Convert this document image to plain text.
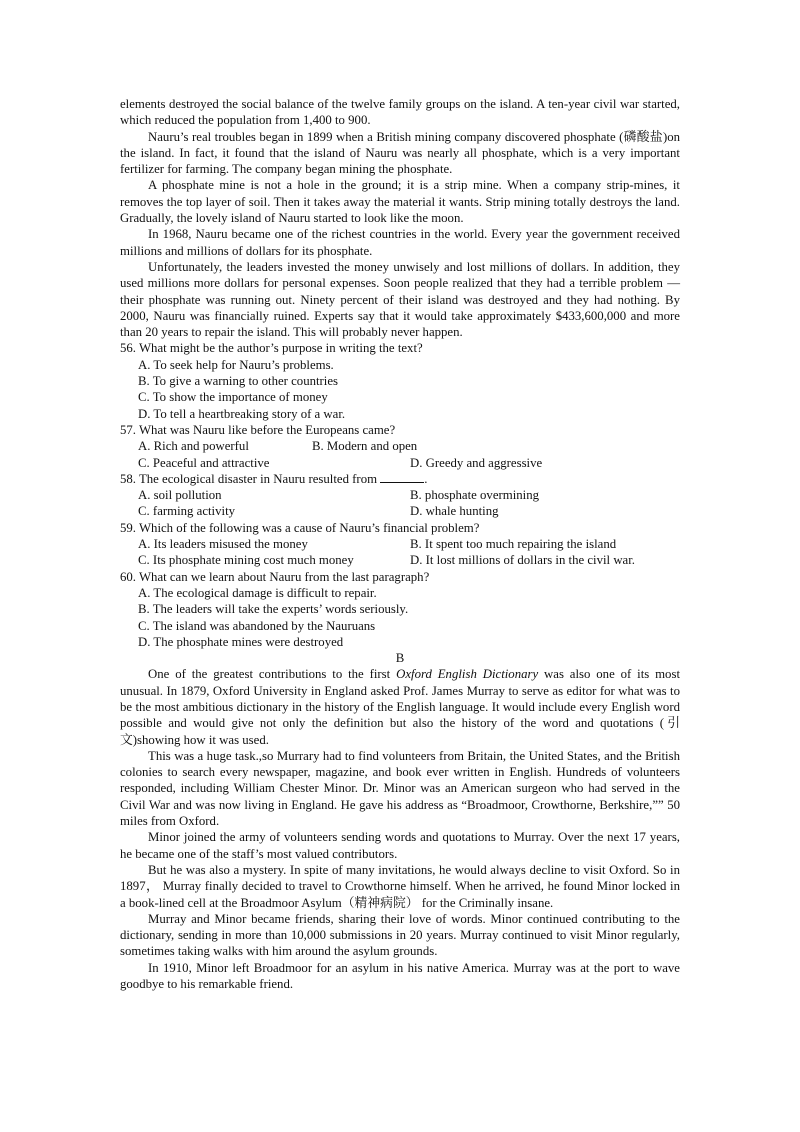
elements destroyed the social balance of the twelve family groups on the island. A ten-year civil war started, which reduced the population from 1,400 to 900.

Nauru’s real troubles began in 1899 when a British mining company discovered phosphate (磷酸盐)on the island. In fact, it found that the island of Nauru was nearly all phosphate, which is a very important fertilizer for farming. The company began mining the phosphate.

A phosphate mine is not a hole in the ground; it is a strip mine. When a company strip-mines, it removes the top layer of soil. Then it takes away the material it wants. Strip mining totally destroys the land. Gradually, the lovely island of Nauru started to look like the moon.

In 1968, Nauru became one of the richest countries in the world. Every year the government received millions and millions of dollars for its phosphate.

Unfortunately, the leaders invested the money unwisely and lost millions of dollars. In addition, they used millions more dollars for personal expenses. Soon people realized that they had a terrible problem — their phosphate was running out. Ninety percent of their island was destroyed and they had nothing. By 2000, Nauru was financially ruined. Experts say that it would take approximately $433,600,000 and more than 20 years to repair the island. This will probably never happen.

56. What might be the author’s purpose in writing the text?

A. To seek help for Nauru’s problems.

B. To give a warning to other countries

C. To show the importance of money

D. To tell a heartbreaking story of a war.

57. What was Nauru like before the Europeans came?

A. Rich and powerful	B. Modern and open
C. Peaceful and attractive	D. Greedy and aggressive

58. The ecological disaster in Nauru resulted from	.

A. soil pollution	B. phosphate overmining
C. farming activity	D. whale hunting

59. Which of the following was a cause of Nauru’s financial problem?

A. Its leaders misused the money	B. It spent too much repairing the island
C. Its phosphate mining cost much money	D. It lost millions of dollars in the civil war.

60. What can we learn about Nauru from the last paragraph?

A. The ecological damage is difficult to repair.

B. The leaders will take the experts’ words seriously.

C. The island was abandoned by the Nauruans

D. The phosphate mines were destroyed

B

One of the greatest contributions to the first Oxford English Dictionary was also one of its most unusual. In 1879, Oxford University in England asked Prof. James Murray to serve as editor for what was to be the most ambitious dictionary in the history of the English language. It would include every English word possible and would give not only the definition but also the history of the word and quotations (引文)showing how it was used.

This was a huge task.,so Murrary had to find volunteers from Britain, the United States, and the British colonies to search every newspaper, magazine, and book ever written in English. Hundreds of volunteers responded, including William Chester Minor. Dr. Minor was an American surgeon who had served in the Civil War and was now living in England. He gave his address as “Broadmoor, Crowthorne, Berkshire,”” 50 miles from Oxford.

Minor joined the army of volunteers sending words and quotations to Murray. Over the next 17 years, he became one of the staff’s most valued contributors.

But he was also a mystery. In spite of many invitations, he would always decline to visit Oxford. So in 1897， Murray finally decided to travel to Crowthorne himself. When he arrived, he found Minor locked in a book-lined cell at the Broadmoor Asylum（精神病院） for the Criminally insane.

Murray and Minor became friends, sharing their love of words. Minor continued contributing to the dictionary, sending in more than 10,000 submissions in 20 years. Murray continued to visit Minor regularly, sometimes taking walks with him around the asylum grounds.

In 1910, Minor left Broadmoor for an asylum in his native America. Murray was at the port to wave goodbye to his remarkable friend.
